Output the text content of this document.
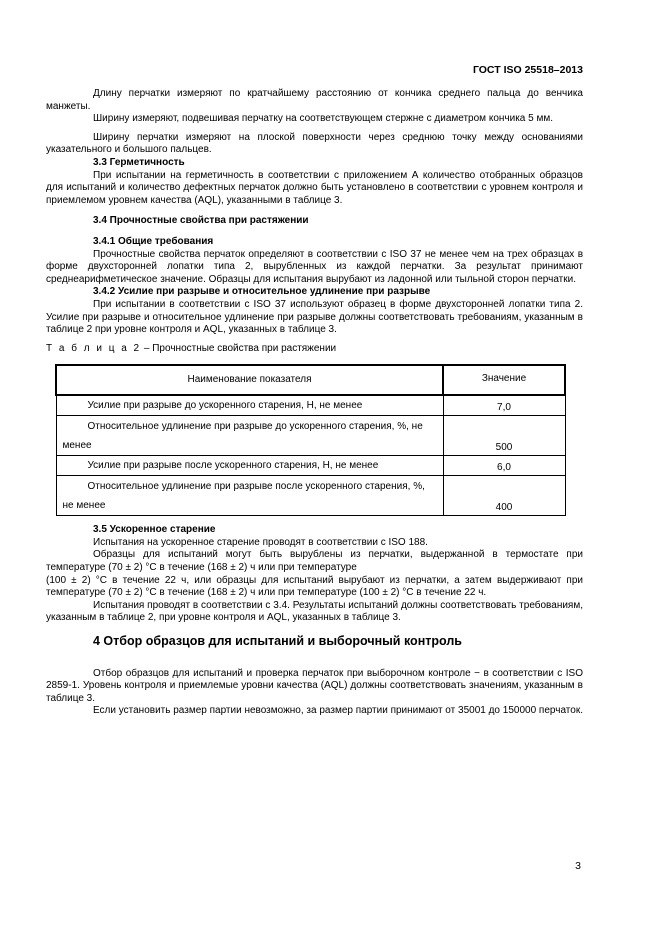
ГОСТ ISO 25518–2013

Длину перчатки измеряют по кратчайшему расстоянию от кончика среднего пальца до венчика манжеты.

Ширину измеряют, подвешивая перчатку на соответствующем стержне с диаметром кончика 5 мм.

Ширину перчатки измеряют на плоской поверхности через среднюю точку между основаниями указательного и большого пальцев.

3.3 Герметичность

При испытании на герметичность в соответствии с приложением А количество отобранных образцов для испытаний и количество дефектных перчаток должно быть установлено в соответствии с уровнем контроля и приемлемом уровнем качества (AQL), указанными в таблице 3.

3.4 Прочностные свойства при растяжении

3.4.1 Общие требования

Прочностные свойства перчаток определяют в соответствии с ISO 37 не менее чем на трех образцах в форме двухсторонней лопатки типа 2, вырубленных из каждой перчатки. За результат принимают среднеарифметическое значение. Образцы для испытания вырубают из ладонной или тыльной сторон перчатки.

3.4.2 Усилие при разрыве и относительное удлинение при разрыве

При испытании в соответствии с ISO 37 используют образец в форме двухсторонней лопатки типа 2. Усилие при разрыве и относительное удлинение при разрыве должны соответствовать требованиям, указанным в таблице 2 при уровне контроля и AQL, указанных в таблице 3.

Т а б л и ц а 2 – Прочностные свойства при растяжении

Наименование показателя	Значение

Усилие при разрыве до ускоренного старения, Н, не менее	7,0

Относительное удлинение при разрыве до ускоренного старения, %, не
менее	500

Усилие при разрыве после ускоренного старения, Н, не менее	6,0

Относительное удлинение при разрыве после ускоренного старения, %,
не менее	400

3.5 Ускоренное старение

Испытания на ускоренное старение проводят в соответствии с ISO 188.

Образцы для испытаний могут быть вырублены из перчатки, выдержанной в термостате при температуре (70 ± 2) °С в течение (168 ± 2) ч или при температуре

(100 ± 2) °С в течение 22 ч, или образцы для испытаний вырубают из перчатки, а затем выдерживают при температуре (70 ± 2) °С в течение (168 ± 2) ч или при температуре (100 ± 2) °С в течение 22 ч.

Испытания проводят в соответствии с 3.4. Результаты испытаний должны соответствовать требованиям, указанным в таблице 2, при уровне контроля и AQL, указанных в таблице 3.

4 Отбор образцов для испытаний и выборочный контроль

Отбор образцов для испытаний и проверка перчаток при выборочном контроле − в соответствии с ISO 2859-1. Уровень контроля и приемлемые уровни качества (AQL) должны соответствовать значениям, указанным в таблице 3.

Если установить размер партии невозможно, за размер партии принимают от 35001 до 150000 перчаток.

3
